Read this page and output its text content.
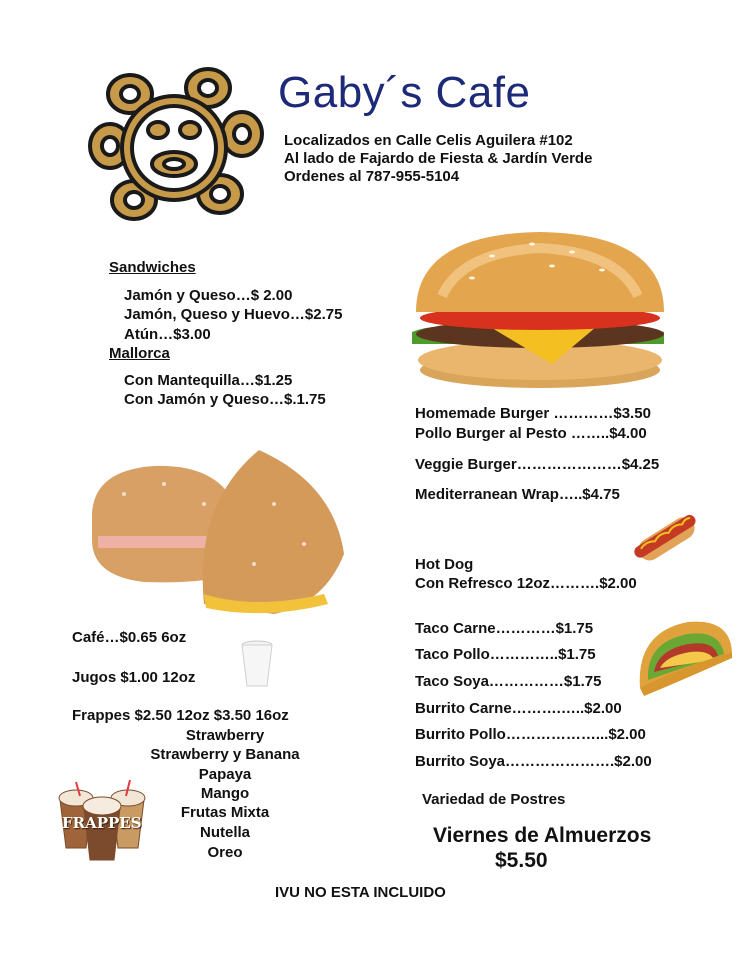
Gaby´s Cafe
Localizados en Calle Celis Aguilera #102
Al lado de Fajardo de Fiesta & Jardín Verde
Ordenes al 787-955-5104
Sandwiches
Jamón y Queso…$ 2.00
Jamón, Queso y Huevo…$2.75
Atún…$3.00
Mallorca
Con Mantequilla…$1.25
Con Jamón y Queso…$.1.75
Homemade Burger …………$3.50
Pollo Burger al Pesto ……..$4.00
Veggie Burger…………………$4.25
Mediterranean Wrap…..$4.75
Hot Dog
Con Refresco 12oz……….$2.00
Café…$0.65 6oz
Jugos $1.00 12oz
Frappes $2.50 12oz $3.50 16oz
Strawberry
Strawberry y Banana
Papaya
Mango
Frutas Mixta
Nutella
Oreo
FRAPPES
Taco Carne…………$1.75
Taco Pollo…………..$1.75
Taco Soya……………$1.75
Burrito Carne……….…..$2.00
Burrito Pollo………………...$2.00
Burrito Soya………………….$2.00
Variedad de Postres
Viernes de Almuerzos
$5.50
IVU NO ESTA INCLUIDO
